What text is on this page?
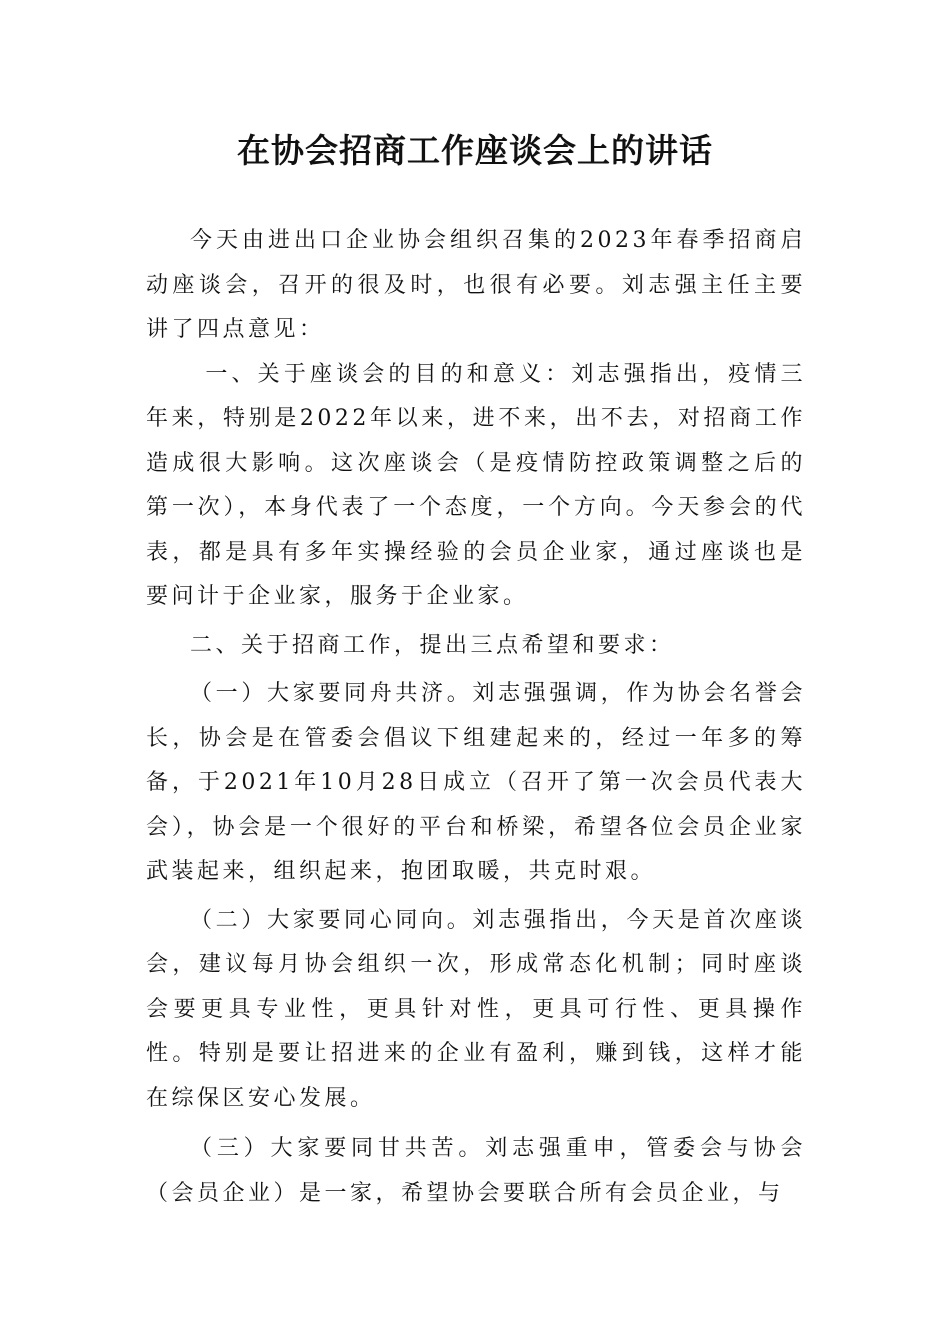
在协会招商工作座谈会上的讲话

今天由进出口企业协会组织召集的2023年春季招商启动座谈会，召开的很及时，也很有必要。刘志强主任主要讲了四点意见：

一、关于座谈会的目的和意义：刘志强指出，疫情三年来，特别是2022年以来，进不来，出不去，对招商工作造成很大影响。这次座谈会（是疫情防控政策调整之后的第一次），本身代表了一个态度，一个方向。今天参会的代表，都是具有多年实操经验的会员企业家，通过座谈也是要问计于企业家，服务于企业家。

二、关于招商工作，提出三点希望和要求：

（一）大家要同舟共济。刘志强强调，作为协会名誉会长，协会是在管委会倡议下组建起来的，经过一年多的筹备，于2021年10月28日成立（召开了第一次会员代表大会），协会是一个很好的平台和桥梁，希望各位会员企业家武装起来，组织起来，抱团取暖，共克时艰。

（二）大家要同心同向。刘志强指出，今天是首次座谈会，建议每月协会组织一次，形成常态化机制；同时座谈会要更具专业性，更具针对性，更具可行性、更具操作性。特别是要让招进来的企业有盈利，赚到钱，这样才能在综保区安心发展。

（三）大家要同甘共苦。刘志强重申，管委会与协会（会员企业）是一家，希望协会要联合所有会员企业，与
